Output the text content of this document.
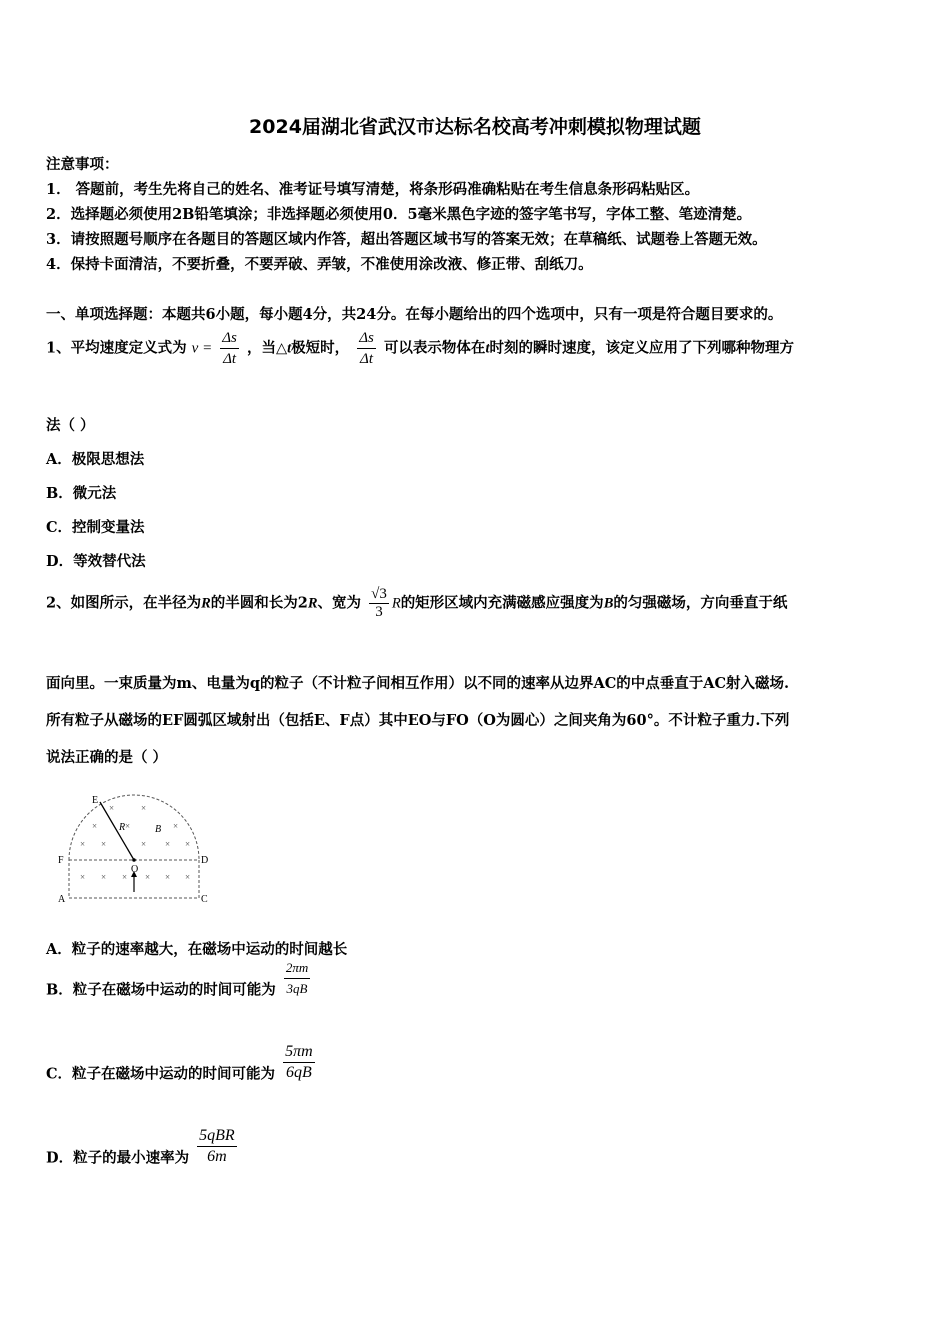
2024届湖北省武汉市达标名校高考冲刺模拟物理试题
注意事项：
1． 答题前，考生先将自己的姓名、准考证号填写清楚，将条形码准确粘贴在考生信息条形码粘贴区。
2．选择题必须使用2B铅笔填涂；非选择题必须使用0．5毫米黑色字迹的签字笔书写，字体工整、笔迹清楚。
3．请按照题号顺序在各题目的答题区域内作答，超出答题区域书写的答案无效；在草稿纸、试题卷上答题无效。
4．保持卡面清洁，不要折叠，不要弄破、弄皱，不准使用涂改液、修正带、刮纸刀。
一、单项选择题：本题共6小题，每小题4分，共24分。在每小题给出的四个选项中，只有一项是符合题目要求的。
1、平均速度定义式为 $v = \frac{\Delta s}{\Delta t}$ ，当△t极短时， $\frac{\Delta s}{\Delta t}$ 可以表示物体在t时刻的瞬时速度，该定义应用了下列哪种物理方
法（ ）
A．极限思想法
B．微元法
C．控制变量法
D．等效替代法
2、如图所示，在半径为R的半圆和长为2R、宽为 $\frac{√3}{3}$ R的矩形区域内充满磁感应强度为B的匀强磁场，方向垂直于纸
面向里。一束质量为m、电量为q的粒子（不计粒子间相互作用）以不同的速率从边界AC的中点垂直于AC射入磁场.
所有粒子从磁场的EF圆弧区域射出（包括E、F点）其中EO与FO（O为圆心）之间夹角为60°。不计粒子重力.下列
说法正确的是（ ）
×	×
×	×	×
× ×	× × ×
× × × × × ×
E
F	D
A	C
O
R	B
A．粒子的速率越大，在磁场中运动的时间越长
B．粒子在磁场中运动的时间可能为 $\frac{2\pi m}{3qB}$
C．粒子在磁场中运动的时间可能为 $\frac{5\pi m}{6qB}$
D．粒子的最小速率为 $\frac{\text{5qBR}}{6m}$
